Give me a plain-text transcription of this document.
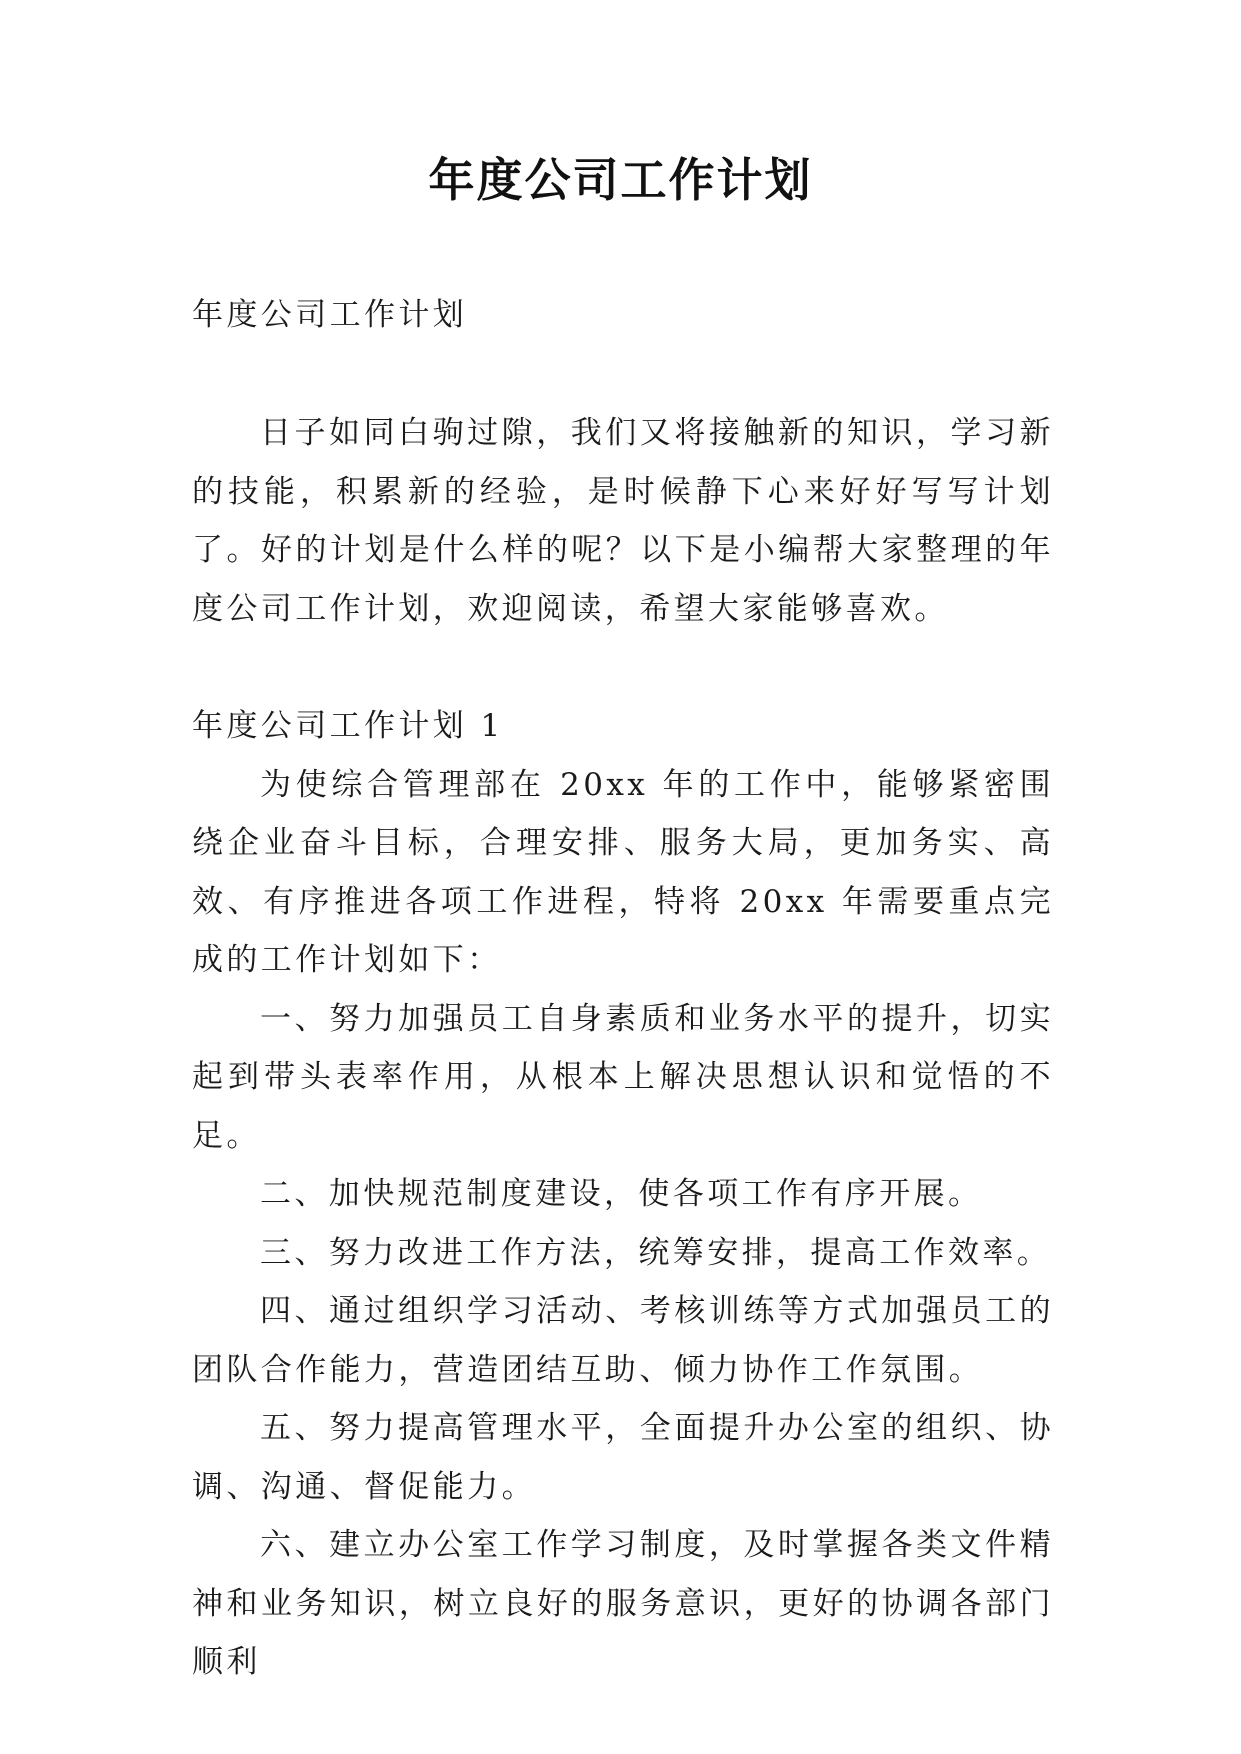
年度公司工作计划

年度公司工作计划

日子如同白驹过隙，我们又将接触新的知识，学习新的技能，积累新的经验，是时候静下心来好好写写计划了。好的计划是什么样的呢？以下是小编帮大家整理的年度公司工作计划，欢迎阅读，希望大家能够喜欢。

年度公司工作计划 1

为使综合管理部在 20xx 年的工作中，能够紧密围绕企业奋斗目标，合理安排、服务大局，更加务实、高效、有序推进各项工作进程，特将 20xx 年需要重点完成的工作计划如下：

一、努力加强员工自身素质和业务水平的提升，切实起到带头表率作用，从根本上解决思想认识和觉悟的不足。

二、加快规范制度建设，使各项工作有序开展。

三、努力改进工作方法，统筹安排，提高工作效率。

四、通过组织学习活动、考核训练等方式加强员工的团队合作能力，营造团结互助、倾力协作工作氛围。

五、努力提高管理水平，全面提升办公室的组织、协调、沟通、督促能力。

六、建立办公室工作学习制度，及时掌握各类文件精神和业务知识，树立良好的服务意识，更好的协调各部门顺利
